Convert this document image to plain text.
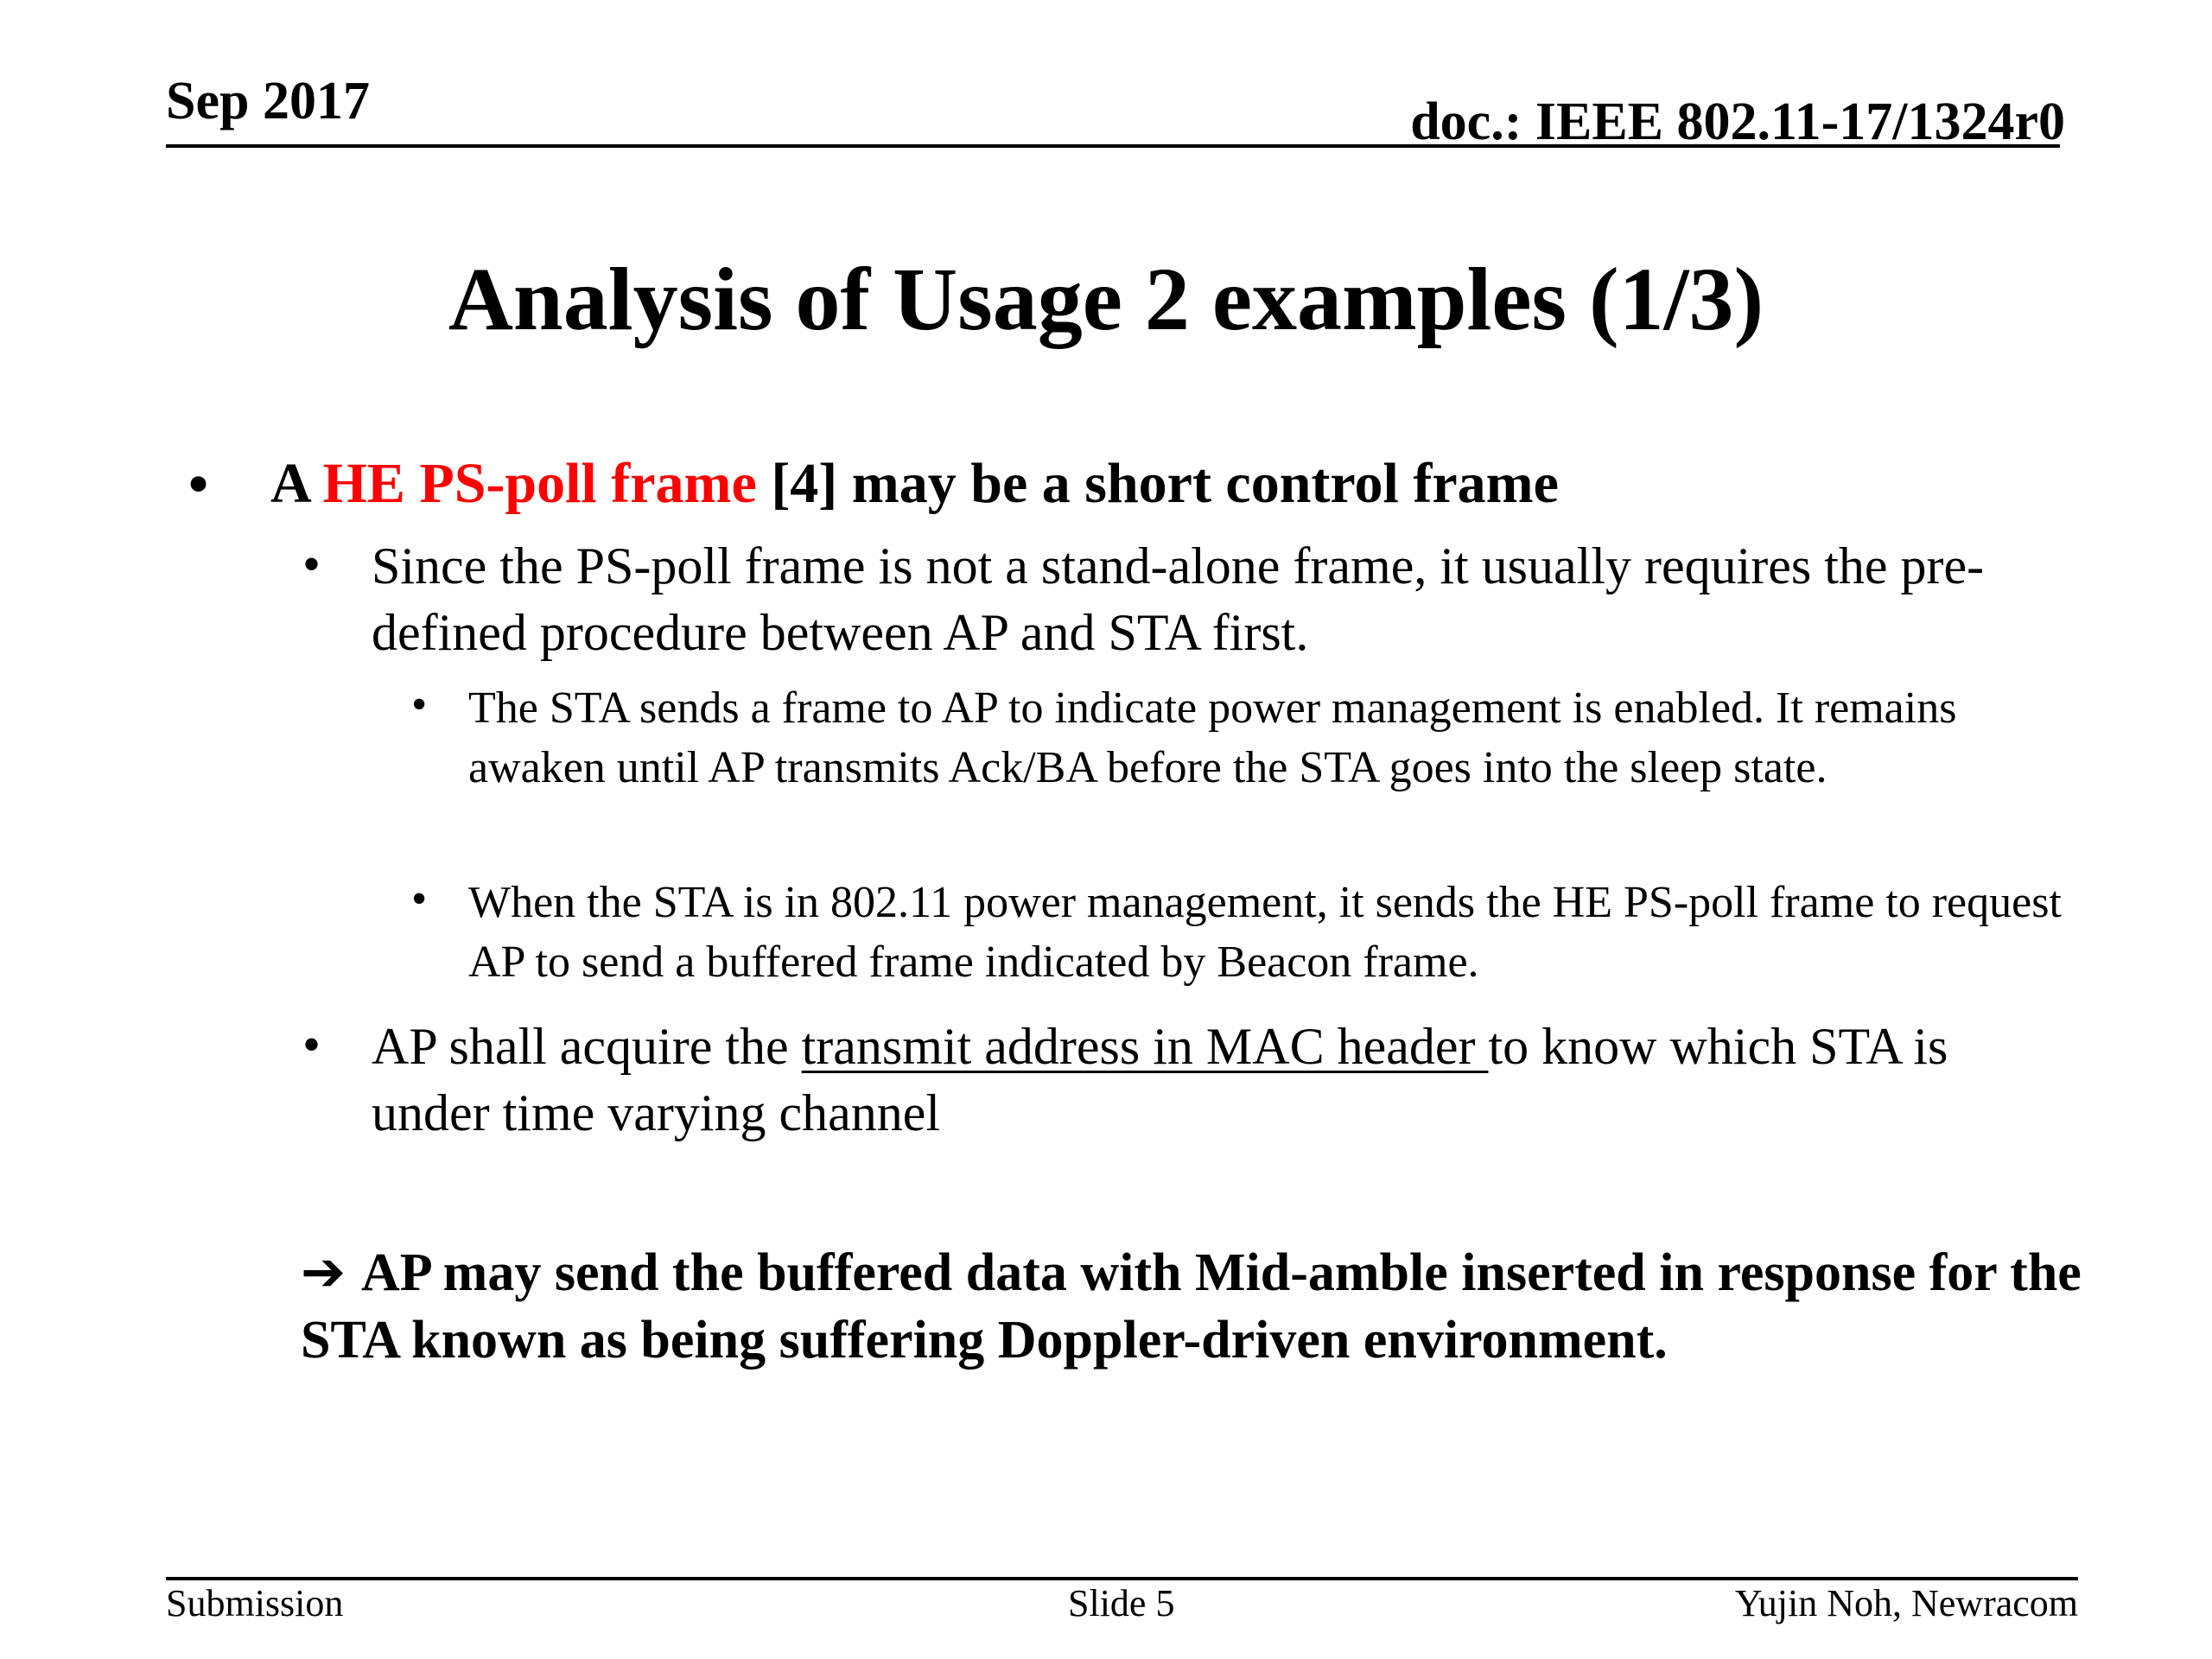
Sep 2017	doc.: IEEE 802.11-17/1324r0
Analysis of Usage 2 examples (1/3)
• A HE PS-poll frame [4] may be a short control frame
• Since the PS-poll frame is not a stand-alone frame, it usually requires the pre-defined procedure between AP and STA first.
• The STA sends a frame to AP to indicate power management is enabled. It remains awaken until AP transmits Ack/BA before the STA goes into the sleep state.
• When the STA is in 802.11 power management, it sends the HE PS-poll frame to request AP to send a buffered frame indicated by Beacon frame.
• AP shall acquire the transmit address in MAC header to know which STA is under time varying channel
➔ AP may send the buffered data with Mid-amble inserted in response for the STA known as being suffering Doppler-driven environment.
Submission	Slide 5	Yujin Noh, Newracom
